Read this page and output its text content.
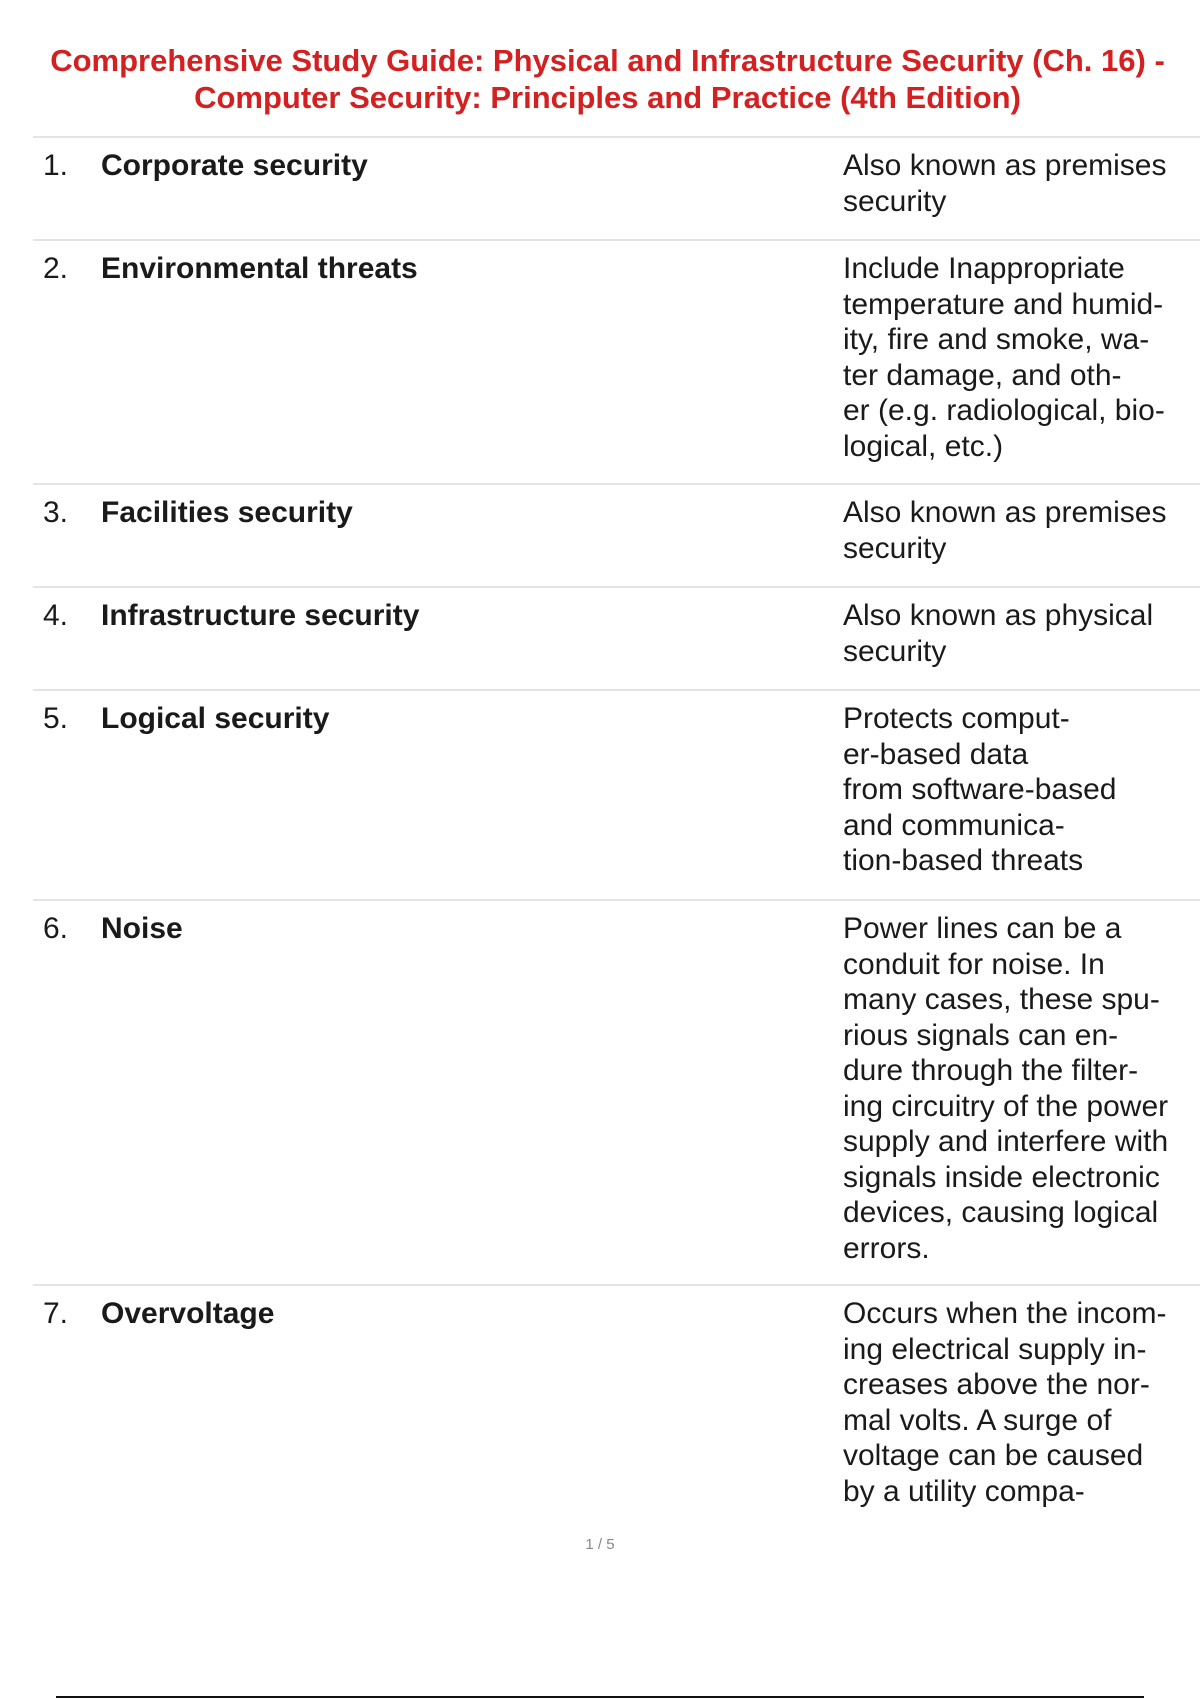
Comprehensive Study Guide: Physical and Infrastructure Security (Ch. 16) - Computer Security: Principles and Practice (4th Edition)
1. Corporate security	Also known as premises
security
2. Environmental threats	Include Inappropriate
temperature and humid-
ity, fire and smoke, wa-
ter damage, and oth-
er (e.g. radiological, bio-
logical, etc.)
3. Facilities security	Also known as premises
security
4. Infrastructure security	Also known as physical
security
5. Logical security	Protects comput-
er-based data
from software-based
and communica-
tion-based threats
6. Noise	Power lines can be a
conduit for noise. In
many cases, these spu-
rious signals can en-
dure through the filter-
ing circuitry of the power
supply and interfere with
signals inside electronic
devices, causing logical
errors.
7. Overvoltage	Occurs when the incom-
ing electrical supply in-
creases above the nor-
mal volts. A surge of
voltage can be caused
by a utility compa-
1 / 5
